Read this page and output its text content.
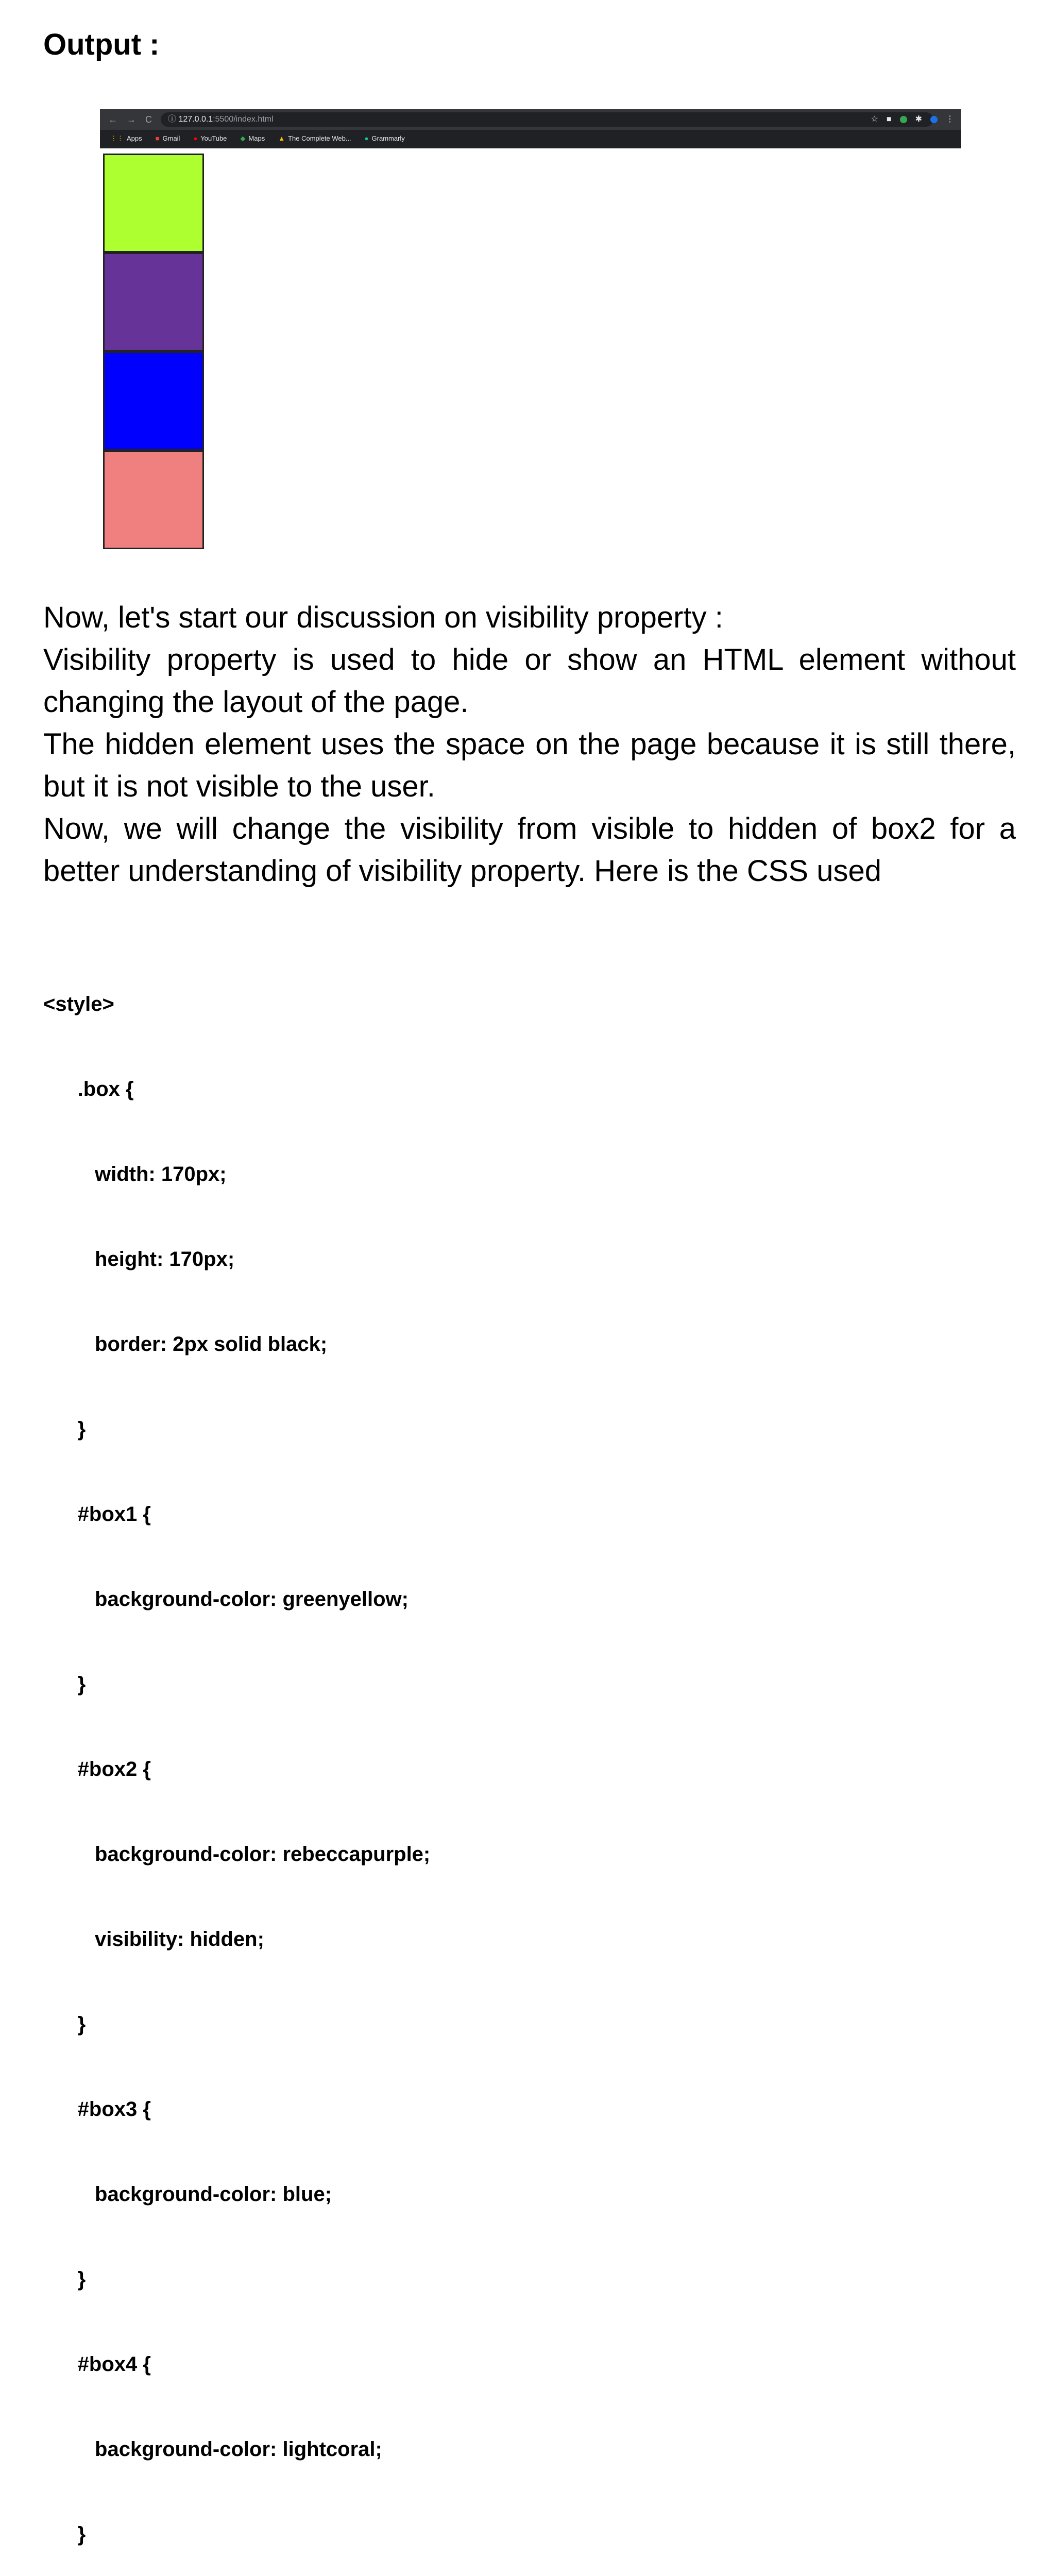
Output :
← → C	ⓘ 127.0.0.1:5500/index.html	☆ ■	✱	⋮
⋮⋮ Apps ■ Gmail ● YouTube ◆ Maps ▲ The Complete Web... ● Grammarly

Now, let's start our discussion on visibility property :

Visibility property is used to hide or show an HTML element without changing the layout of the page.

The hidden element uses the space on the page because it is still there, but it is not visible to the user.

Now, we will change the visibility from visible to hidden of box2 for a better understanding of visibility property. Here is the CSS used

<style>

.box {

width: 170px;

height: 170px;

border: 2px solid black;

}

#box1 {

background-color: greenyellow;

}

#box2 {

background-color: rebeccapurple;

visibility: hidden;

}

#box3 {

background-color: blue;

}

#box4 {

background-color: lightcoral;

}
